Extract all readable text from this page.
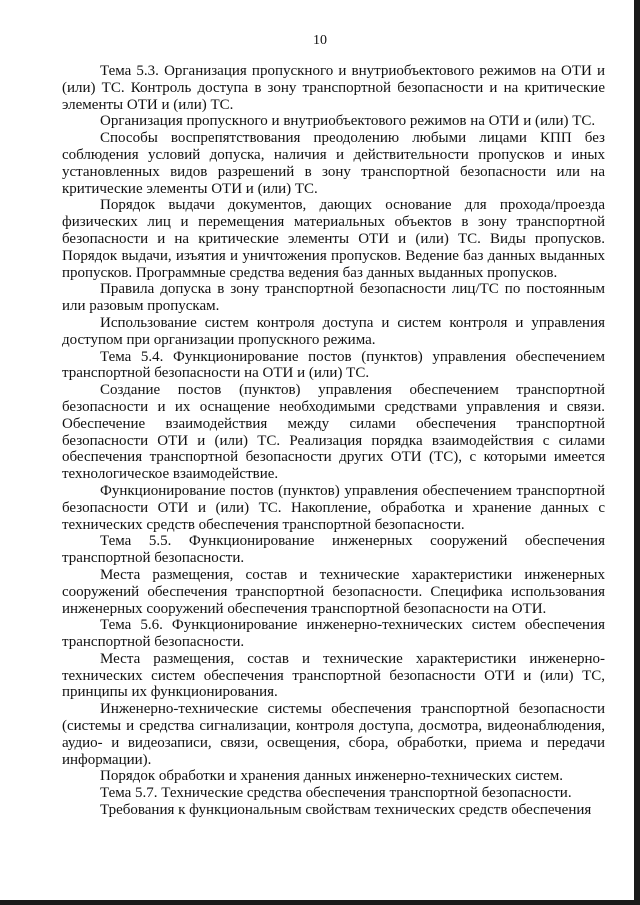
10

Тема 5.3. Организация пропускного и внутриобъектового режимов на ОТИ и (или) ТС. Контроль доступа в зону транспортной безопасности и на критические элементы ОТИ и (или) ТС.

Организация пропускного и внутриобъектового режимов на ОТИ и (или) ТС.

Способы воспрепятствования преодолению любыми лицами КПП без соблюдения условий допуска, наличия и действительности пропусков и иных установленных видов разрешений в зону транспортной безопасности или на критические элементы ОТИ и (или) ТС.

Порядок выдачи документов, дающих основание для прохода/проезда физических лиц и перемещения материальных объектов в зону транспортной безопасности и на критические элементы ОТИ и (или) ТС. Виды пропусков. Порядок выдачи, изъятия и уничтожения пропусков. Ведение баз данных выданных пропусков. Программные средства ведения баз данных выданных пропусков.

Правила допуска в зону транспортной безопасности лиц/ТС по постоянным или разовым пропускам.

Использование систем контроля доступа и систем контроля и управления доступом при организации пропускного режима.

Тема 5.4. Функционирование постов (пунктов) управления обеспечением транспортной безопасности на ОТИ и (или) ТС.

Создание постов (пунктов) управления обеспечением транспортной безопасности и их оснащение необходимыми средствами управления и связи. Обеспечение взаимодействия между силами обеспечения транспортной безопасности ОТИ и (или) ТС. Реализация порядка взаимодействия с силами обеспечения транспортной безопасности других ОТИ (ТС), с которыми имеется технологическое взаимодействие.

Функционирование постов (пунктов) управления обеспечением транспортной безопасности ОТИ и (или) ТС. Накопление, обработка и хранение данных с технических средств обеспечения транспортной безопасности.

Тема 5.5. Функционирование инженерных сооружений обеспечения транспортной безопасности.

Места размещения, состав и технические характеристики инженерных сооружений обеспечения транспортной безопасности. Специфика использования инженерных сооружений обеспечения транспортной безопасности на ОТИ.

Тема 5.6. Функционирование инженерно-технических систем обеспечения транспортной безопасности.

Места размещения, состав и технические характеристики инженерно-технических систем обеспечения транспортной безопасности ОТИ и (или) ТС, принципы их функционирования.

Инженерно-технические системы обеспечения транспортной безопасности (системы и средства сигнализации, контроля доступа, досмотра, видеонаблюдения, аудио- и видеозаписи, связи, освещения, сбора, обработки, приема и передачи информации).

Порядок обработки и хранения данных инженерно-технических систем.

Тема 5.7. Технические средства обеспечения транспортной безопасности.

Требования к функциональным свойствам технических средств обеспечения
